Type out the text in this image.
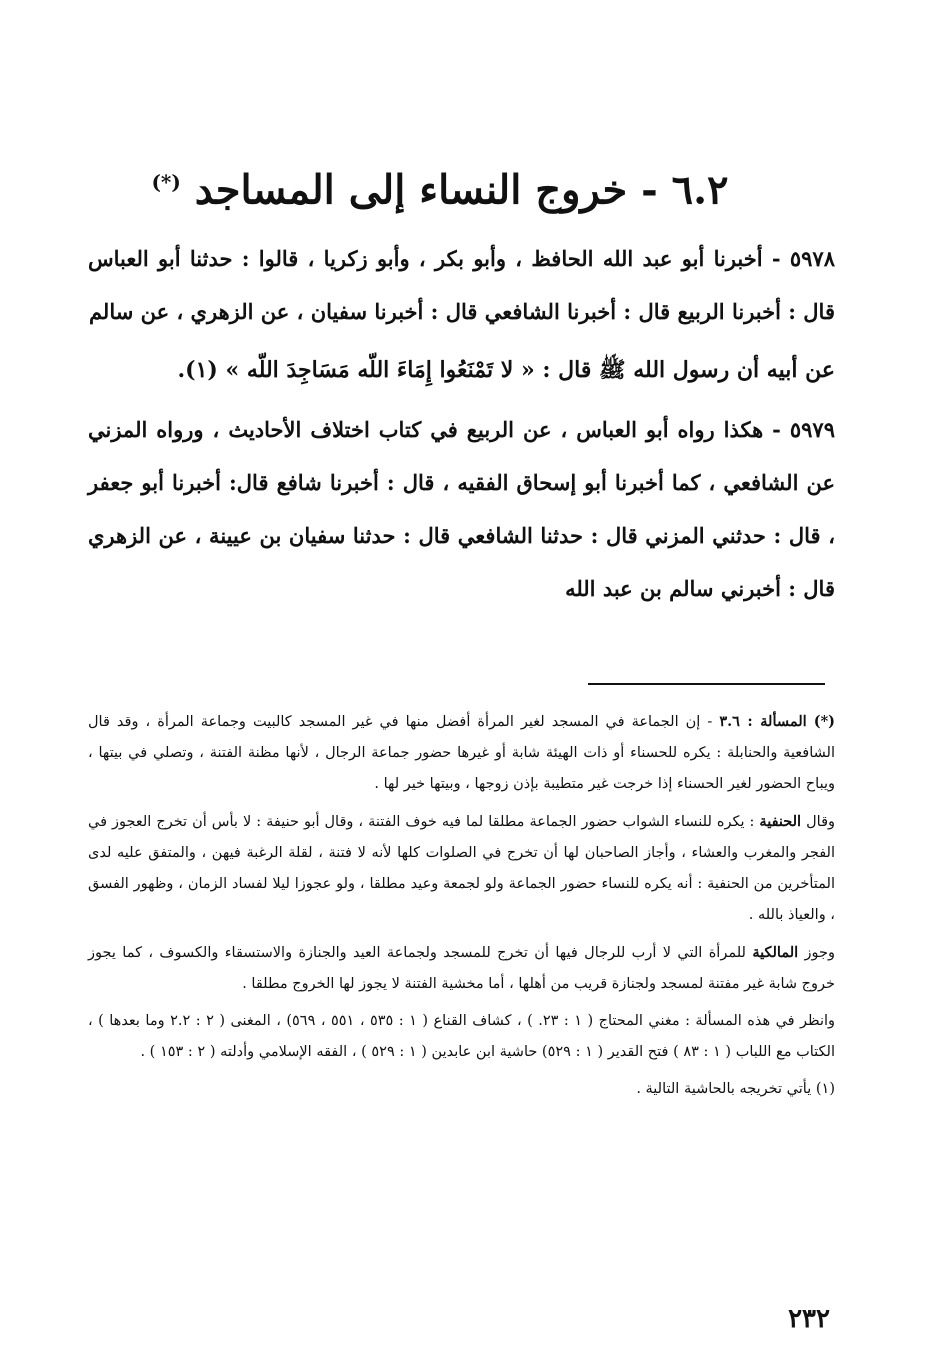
٦.٢ - خروج النساء إلى المساجد (*)

٥٩٧٨ - أخبرنا أبو عبد الله الحافظ ، وأبو بكر ، وأبو زكريا ، قالوا : حدثنا أبو العباس قال : أخبرنا الربيع قال : أخبرنا الشافعي قال : أخبرنا سفيان ، عن الزهري ، عن سالم

عن أبيه أن رسول الله ﷺ قال : « لا تَمْنَعُوا إِمَاءَ اللّه مَسَاجِدَ اللّه » (١).

٥٩٧٩ - هكذا رواه أبو العباس ، عن الربيع في كتاب اختلاف الأحاديث ، ورواه المزني عن الشافعي ، كما أخبرنا أبو إسحاق الفقيه ، قال : أخبرنا شافع قال: أخبرنا أبو جعفر ، قال : حدثني المزني قال : حدثنا الشافعي قال : حدثنا سفيان بن عيينة ، عن الزهري قال : أخبرني سالم بن عبد الله

(*) المسألة : ٣.٦ - إن الجماعة في المسجد لغير المرأة أفضل منها في غير المسجد كالبيت وجماعة المرأة ، وقد قال الشافعية والحنابلة : يكره للحسناء أو ذات الهيئة شابة أو غيرها حضور جماعة الرجال ، لأنها مظنة الفتنة ، وتصلي في بيتها ، ويباح الحضور لغير الحسناء إذا خرجت غير متطيبة بإذن زوجها ، وبيتها خير لها .

وقال الحنفية : يكره للنساء الشواب حضور الجماعة مطلقا لما فيه خوف الفتنة ، وقال أبو حنيفة : لا بأس أن تخرج العجوز في الفجر والمغرب والعشاء ، وأجاز الصاحبان لها أن تخرج في الصلوات كلها لأنه لا فتنة ، لقلة الرغبة فيهن ، والمتفق عليه لدى المتأخرين من الحنفية : أنه يكره للنساء حضور الجماعة ولو لجمعة وعيد مطلقا ، ولو عجوزا ليلا لفساد الزمان ، وظهور الفسق ، والعياذ بالله .

وجوز المالكية للمرأة التي لا أرب للرجال فيها أن تخرج للمسجد ولجماعة العيد والجنازة والاستسقاء والكسوف ، كما يجوز خروج شابة غير مفتنة لمسجد ولجنازة قريب من أهلها ، أما مخشية الفتنة لا يجوز لها الخروج مطلقا .

وانظر في هذه المسألة : مغني المحتاج ( ١ : ٢٣. ) ، كشاف القناع ( ١ : ٥٣٥ ، ٥٥١ ، ٥٦٩) ، المغنى ( ٢ : ٢.٢ وما بعدها ) ، الكتاب مع اللباب ( ١ : ٨٣ ) فتح القدير ( ١ : ٥٢٩) حاشية ابن عابدين ( ١ : ٥٢٩ ) ، الفقه الإسلامي وأدلته ( ٢ : ١٥٣ ) .

(١) يأتي تخريجه بالحاشية التالية .

٢٣٢
